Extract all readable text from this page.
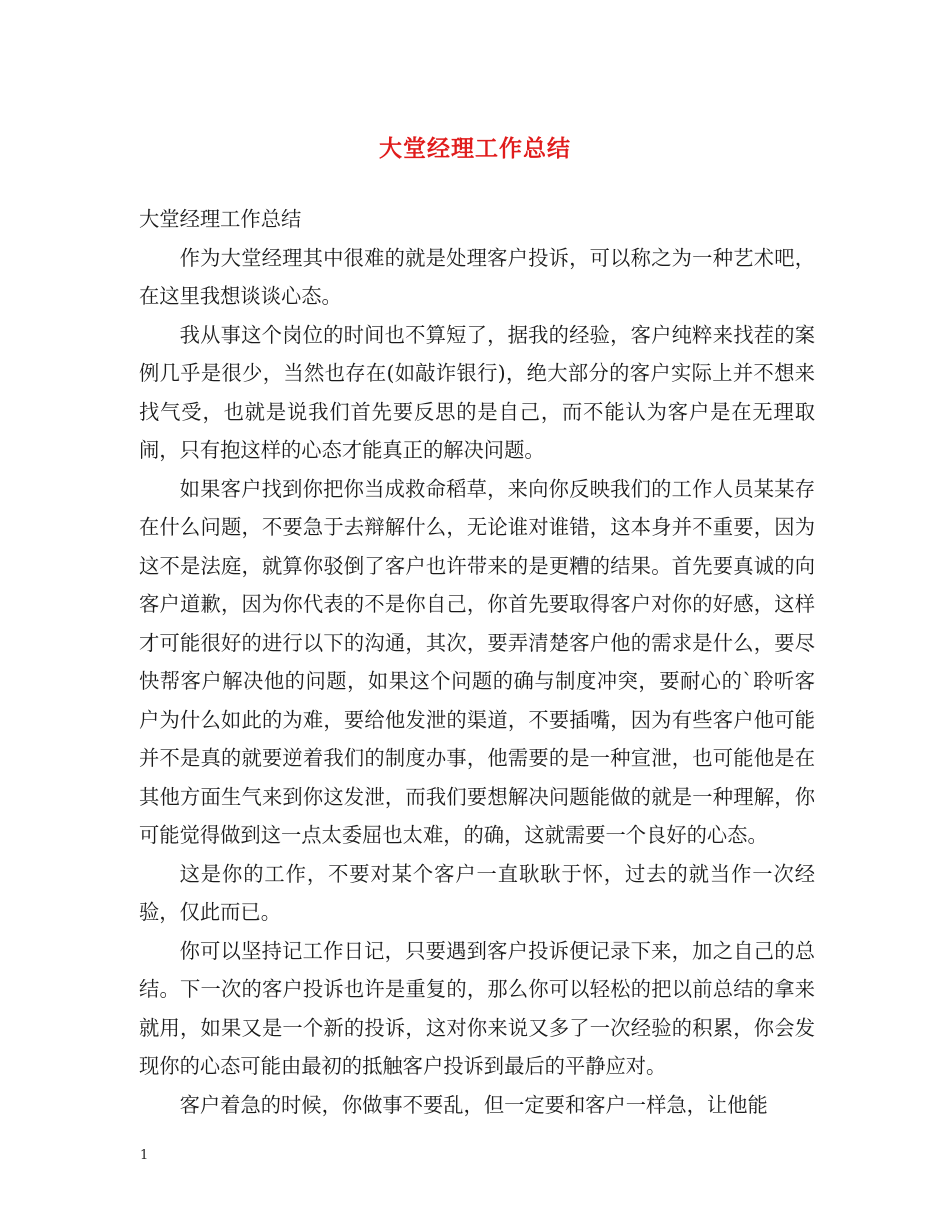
大堂经理工作总结

大堂经理工作总结

作为大堂经理其中很难的就是处理客户投诉，可以称之为一种艺术吧，在这里我想谈谈心态。

我从事这个岗位的时间也不算短了，据我的经验，客户纯粹来找茬的案例几乎是很少，当然也存在(如敲诈银行)，绝大部分的客户实际上并不想来找气受，也就是说我们首先要反思的是自己，而不能认为客户是在无理取闹，只有抱这样的心态才能真正的解决问题。

如果客户找到你把你当成救命稻草，来向你反映我们的工作人员某某存在什么问题，不要急于去辩解什么，无论谁对谁错，这本身并不重要，因为这不是法庭，就算你驳倒了客户也许带来的是更糟的结果。首先要真诚的向客户道歉，因为你代表的不是你自己，你首先要取得客户对你的好感，这样才可能很好的进行以下的沟通，其次，要弄清楚客户他的需求是什么，要尽快帮客户解决他的问题，如果这个问题的确与制度冲突，要耐心的`聆听客户为什么如此的为难，要给他发泄的渠道，不要插嘴，因为有些客户他可能并不是真的就要逆着我们的制度办事，他需要的是一种宣泄，也可能他是在其他方面生气来到你这发泄，而我们要想解决问题能做的就是一种理解，你可能觉得做到这一点太委屈也太难，的确，这就需要一个良好的心态。

这是你的工作，不要对某个客户一直耿耿于怀，过去的就当作一次经验，仅此而已。

你可以坚持记工作日记，只要遇到客户投诉便记录下来，加之自己的总结。下一次的客户投诉也许是重复的，那么你可以轻松的把以前总结的拿来就用，如果又是一个新的投诉，这对你来说又多了一次经验的积累，你会发现你的心态可能由最初的抵触客户投诉到最后的平静应对。

客户着急的时候，你做事不要乱，但一定要和客户一样急，让他能

1
